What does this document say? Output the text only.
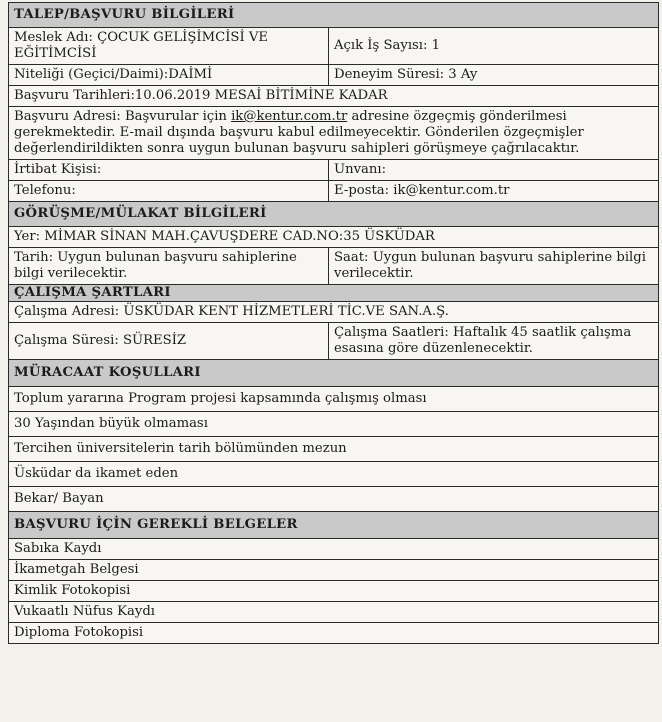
TALEP/BAŞVURU BİLGİLERİ	
Meslek Adı: ÇOCUK GELİŞİMCİSİ VE
EĞİTİMCİSİ	Açık İş Sayısı: 1
Niteliği (Geçici/Daimi):DAİMİ	Deneyim Süresi: 3 Ay
Başvuru Tarihleri:10.06.2019 MESAİ BİTİMİNE KADAR	
Başvuru Adresi: Başvurular için ik@kentur.com.tr adresine özgeçmiş gönderilmesi gerekmektedir. E-mail dışında başvuru kabul edilmeyecektir. Gönderilen özgeçmişler değerlendirildikten sonra uygun bulunan başvuru sahipleri görüşmeye çağrılacaktır.	
İrtibat Kişisi:	Unvanı:
Telefonu:	E-posta: ik@kentur.com.tr
GÖRÜŞME/MÜLAKAT BİLGİLERİ	
Yer: MİMAR SİNAN MAH.ÇAVUŞDERE CAD.NO:35 ÜSKÜDAR	
Tarih: Uygun bulunan başvuru sahiplerine bilgi verilecektir.	Saat: Uygun bulunan başvuru sahiplerine bilgi verilecektir.
ÇALIŞMA ŞARTLARI	
Çalışma Adresi: ÜSKÜDAR KENT HİZMETLERİ TİC.VE SAN.A.Ş.	
Çalışma Süresi: SÜRESİZ	Çalışma Saatleri: Haftalık 45 saatlik çalışma esasına göre düzenlenecektir.
MÜRACAAT KOŞULLARI	
Toplum yararına Program projesi kapsamında çalışmış olması	
30 Yaşından büyük olmaması	
Tercihen üniversitelerin tarih bölümünden mezun	
Üsküdar da ikamet eden	
Bekar/ Bayan	
BAŞVURU İÇİN GEREKLİ BELGELER	
Sabıka Kaydı	
İkametgah Belgesi	
Kimlik Fotokopisi	
Vukaatlı Nüfus Kaydı	
Diploma Fotokopisi	
